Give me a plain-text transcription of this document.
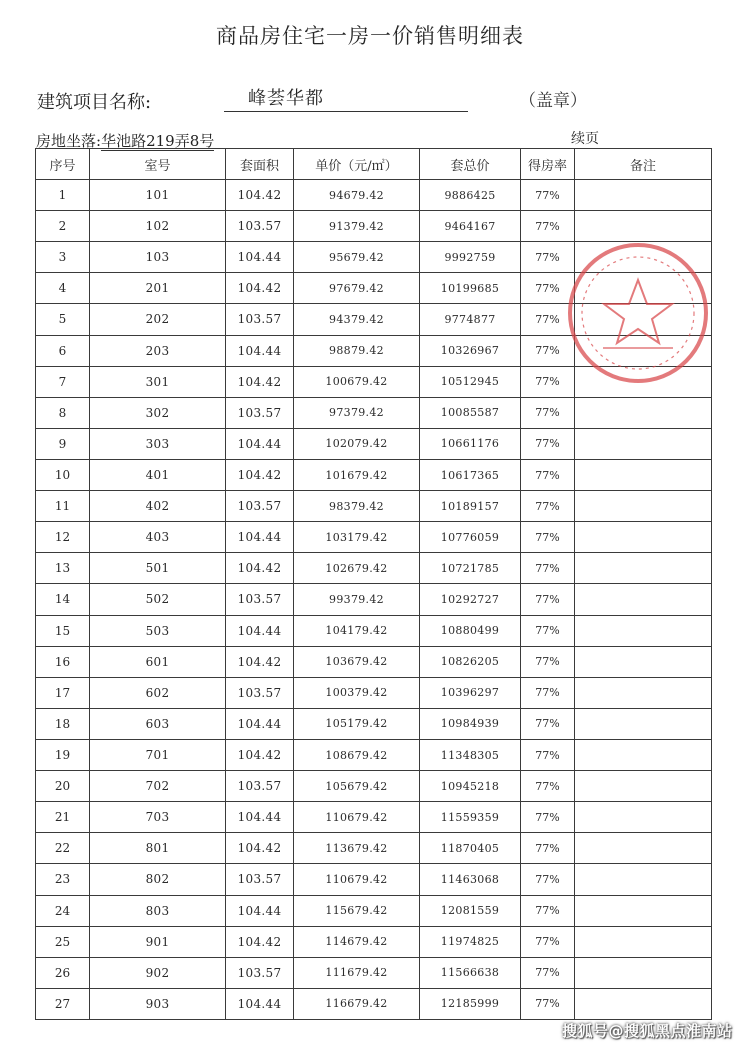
商品房住宅一房一价销售明细表
建筑项目名称:	峰荟华都	（盖章）
房地坐落:华池路219弄8号	续页
序号	室号	套面积	单价（元/㎡）	套总价	得房率	备注
1	101	104.42	94679.42	9886425	77%	
2	102	103.57	91379.42	9464167	77%	
3	103	104.44	95679.42	9992759	77%	
4	201	104.42	97679.42	10199685	77%	
5	202	103.57	94379.42	9774877	77%	
6	203	104.44	98879.42	10326967	77%	
7	301	104.42	100679.42	10512945	77%	
8	302	103.57	97379.42	10085587	77%	
9	303	104.44	102079.42	10661176	77%	
10	401	104.42	101679.42	10617365	77%	
11	402	103.57	98379.42	10189157	77%	
12	403	104.44	103179.42	10776059	77%	
13	501	104.42	102679.42	10721785	77%	
14	502	103.57	99379.42	10292727	77%	
15	503	104.44	104179.42	10880499	77%	
16	601	104.42	103679.42	10826205	77%	
17	602	103.57	100379.42	10396297	77%	
18	603	104.44	105179.42	10984939	77%	
19	701	104.42	108679.42	11348305	77%	
20	702	103.57	105679.42	10945218	77%	
21	703	104.44	110679.42	11559359	77%	
22	801	104.42	113679.42	11870405	77%	
23	802	103.57	110679.42	11463068	77%	
24	803	104.44	115679.42	12081559	77%	
25	901	104.42	114679.42	11974825	77%	
26	902	103.57	111679.42	11566638	77%	
27	903	104.44	116679.42	12185999	77%	
搜狐号@搜狐黑点淮南站
